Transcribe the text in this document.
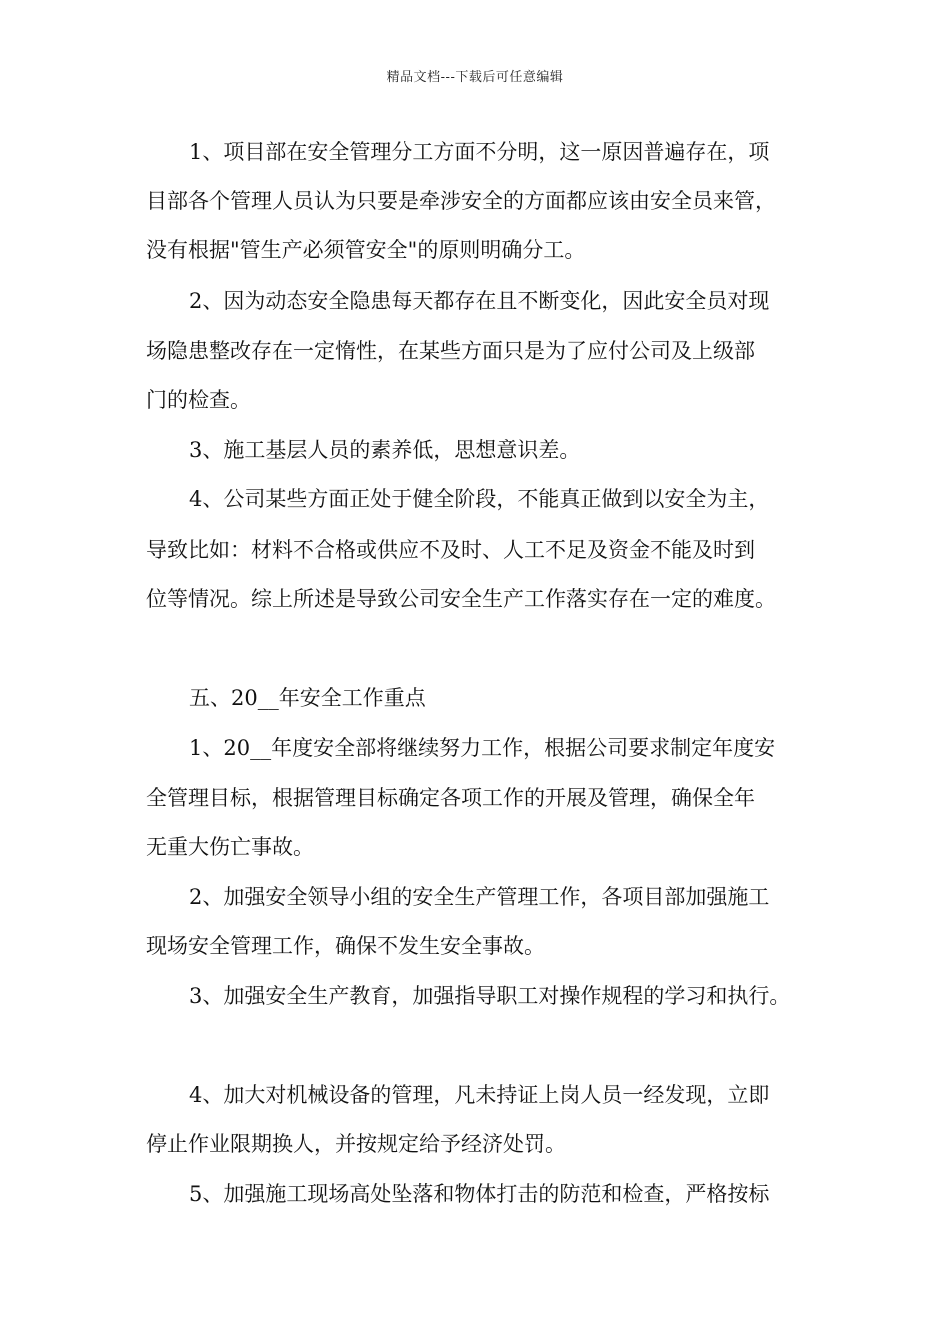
精品文档---下载后可任意编辑
1、项目部在安全管理分工方面不分明，这一原因普遍存在，项
目部各个管理人员认为只要是牵涉安全的方面都应该由安全员来管，
没有根据"管生产必须管安全"的原则明确分工。
2、因为动态安全隐患每天都存在且不断变化，因此安全员对现
场隐患整改存在一定惰性，在某些方面只是为了应付公司及上级部
门的检查。
3、施工基层人员的素养低，思想意识差。
4、公司某些方面正处于健全阶段，不能真正做到以安全为主，
导致比如：材料不合格或供应不及时、人工不足及资金不能及时到
位等情况。综上所述是导致公司安全生产工作落实存在一定的难度。
五、20__年安全工作重点
1、20__年度安全部将继续努力工作，根据公司要求制定年度安
全管理目标，根据管理目标确定各项工作的开展及管理，确保全年
无重大伤亡事故。
2、加强安全领导小组的安全生产管理工作，各项目部加强施工
现场安全管理工作，确保不发生安全事故。
3、加强安全生产教育，加强指导职工对操作规程的学习和执行。
4、加大对机械设备的管理，凡未持证上岗人员一经发现，立即
停止作业限期换人，并按规定给予经济处罚。
5、加强施工现场高处坠落和物体打击的防范和检查，严格按标
